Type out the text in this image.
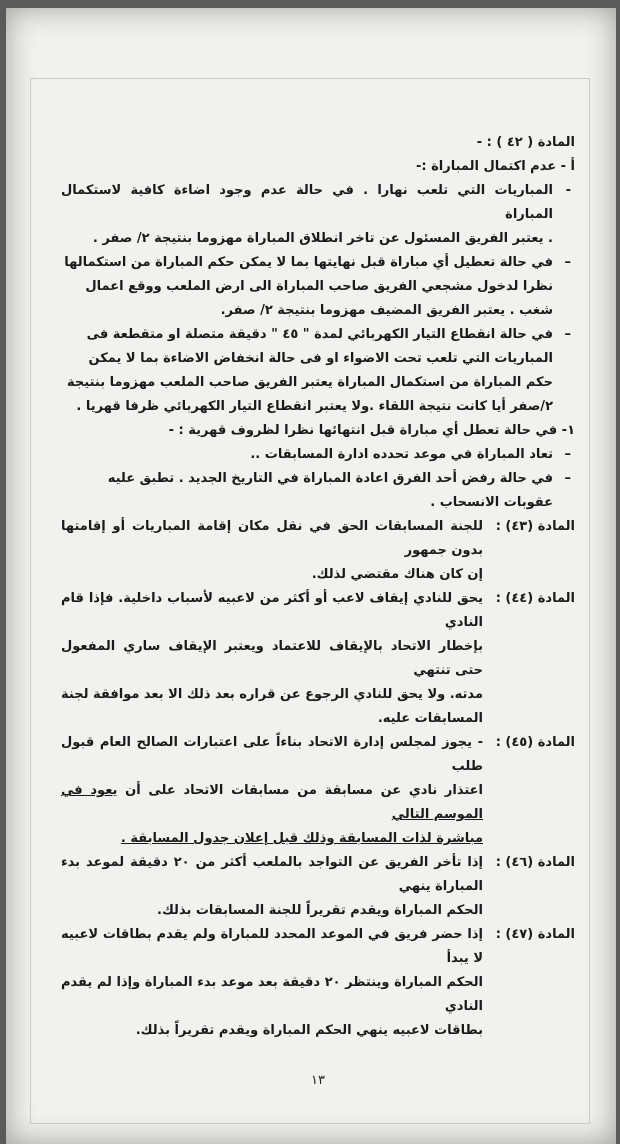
المادة ( ٤٢ ) : -
أ - عدم اكتمال المباراة :-
-
المباريات التي تلعب نهارا . في حالة عدم وجود اضاءة كافية لاستكمال المباراة
. يعتبر الفريق المسئول عن تاخر انطلاق المباراة مهزوما بنتيجة ٢/ صفر .
–
في حالة تعطيل أي مباراة قبل نهايتها بما لا يمكن حكم المباراة من استكمالها
نظرا لدخول مشجعي الفريق صاحب المباراة الى ارض الملعب ووقع اعمال
شغب . يعتبر الفريق المضيف مهزوما بنتيجة ٢/ صفر.
–
في حالة انقطاع التيار الكهربائي لمدة " ٤٥ " دقيقة متصلة او متقطعة فى
المباريات التي تلعب تحت الاضواء او فى حالة انخفاض الاضاءة بما لا يمكن
حكم المباراة من استكمال المباراة يعتبر الفريق صاحب الملعب مهزوما بنتيجة
٢/صفر أيا كانت نتيجة اللقاء .ولا يعتبر انقطاع التيار الكهربائي ظرفا قهريا .
١- في حالة تعطل أي مباراة قبل انتهائها نظرا لظروف قهرية : -
–
تعاد المباراة في موعد تحدده ادارة المسابقات ..
–
في حالة رفض أحد الفرق اعادة المباراة في التاريخ الجديد . تطبق عليه
عقوبات الانسحاب .
المادة (٤٣) :
للجنة المسابقات الحق في نقل مكان إقامة المباريات أو إقامتها بدون جمهور
إن كان هناك مقتضي لذلك.
المادة (٤٤) :
يحق للنادي إيقاف لاعب أو أكثر من لاعبيه لأسباب داخلية. فإذا قام النادي
بإخطار الاتحاد بالإيقاف للاعتماد ويعتبر الإيقاف ساري المفعول حتى تنتهي
مدته. ولا يحق للنادي الرجوع عن قراره بعد ذلك الا بعد موافقة لجنة
المسابقات عليه.
المادة (٤٥) :
- يجوز لمجلس إدارة الاتحاد بناءاً على اعتبارات الصالح العام قبول طلب
اعتذار نادي عن مسابقة من مسابقات الاتحاد على أن يعود في الموسم التالي
مباشرة لذات المسابقة وذلك قبل إعلان جدول المسابقة .
المادة (٤٦) :
إذا تأخر الفريق عن التواجد بالملعب أكثر من ٢٠ دقيقة لموعد بدء المباراة ينهي
الحكم المباراة ويقدم تقريراً للجنة المسابقات بذلك.
المادة (٤٧) :
إذا حضر فريق في الموعد المحدد للمباراة ولم يقدم بطاقات لاعبيه لا يبدأ
الحكم المباراة وينتظر ٢٠ دقيقة بعد موعد بدء المباراة وإذا لم يقدم النادي
بطاقات لاعبيه ينهي الحكم المباراة ويقدم تقريراً بذلك.
١٣
